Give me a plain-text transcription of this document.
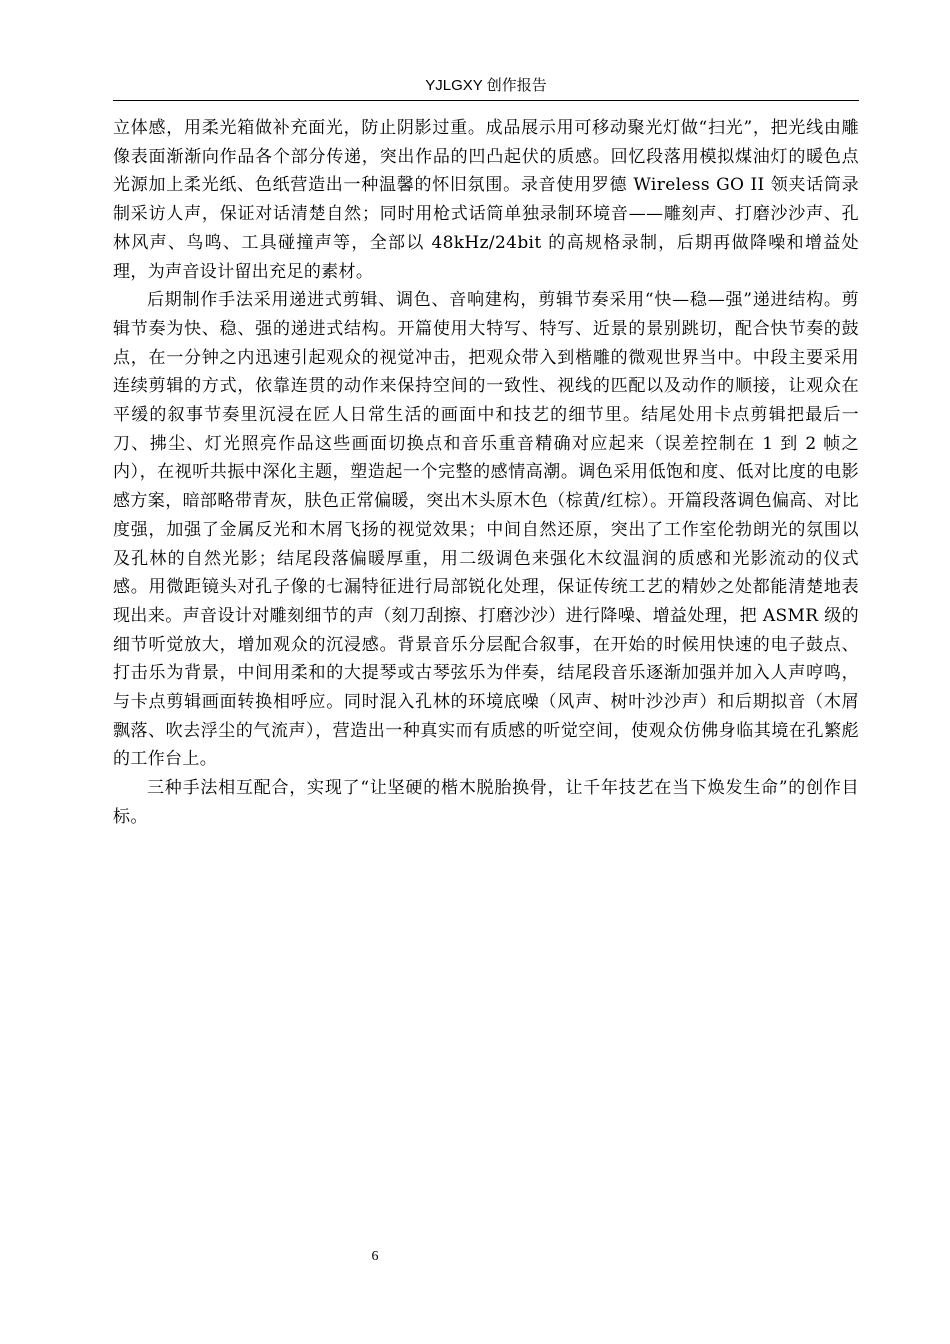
YJLGXY 创作报告

立体感，用柔光箱做补充面光，防止阴影过重。成品展示用可移动聚光灯做“扫光”，把光线由雕像表面渐渐向作品各个部分传递，突出作品的凹凸起伏的质感。回忆段落用模拟煤油灯的暖色点光源加上柔光纸、色纸营造出一种温馨的怀旧氛围。录音使用罗德 Wireless GO II 领夹话筒录制采访人声，保证对话清楚自然；同时用枪式话筒单独录制环境音——雕刻声、打磨沙沙声、孔林风声、鸟鸣、工具碰撞声等，全部以 48kHz/24bit 的高规格录制，后期再做降噪和增益处理，为声音设计留出充足的素材。

后期制作手法采用递进式剪辑、调色、音响建构，剪辑节奏采用“快—稳—强”递进结构。剪辑节奏为快、稳、强的递进式结构。开篇使用大特写、特写、近景的景别跳切，配合快节奏的鼓点，在一分钟之内迅速引起观众的视觉冲击，把观众带入到楷雕的微观世界当中。中段主要采用连续剪辑的方式，依靠连贯的动作来保持空间的一致性、视线的匹配以及动作的顺接，让观众在平缓的叙事节奏里沉浸在匠人日常生活的画面中和技艺的细节里。结尾处用卡点剪辑把最后一刀、拂尘、灯光照亮作品这些画面切换点和音乐重音精确对应起来（误差控制在 1 到 2 帧之内），在视听共振中深化主题，塑造起一个完整的感情高潮。调色采用低饱和度、低对比度的电影感方案，暗部略带青灰，肤色正常偏暖，突出木头原木色（棕黄/红棕）。开篇段落调色偏高、对比度强，加强了金属反光和木屑飞扬的视觉效果；中间自然还原，突出了工作室伦勃朗光的氛围以及孔林的自然光影；结尾段落偏暖厚重，用二级调色来强化木纹温润的质感和光影流动的仪式感。用微距镜头对孔子像的七漏特征进行局部锐化处理，保证传统工艺的精妙之处都能清楚地表现出来。声音设计对雕刻细节的声（刻刀刮擦、打磨沙沙）进行降噪、增益处理，把 ASMR 级的细节听觉放大，增加观众的沉浸感。背景音乐分层配合叙事，在开始的时候用快速的电子鼓点、打击乐为背景，中间用柔和的大提琴或古琴弦乐为伴奏，结尾段音乐逐渐加强并加入人声哼鸣，与卡点剪辑画面转换相呼应。同时混入孔林的环境底噪（风声、树叶沙沙声）和后期拟音（木屑飘落、吹去浮尘的气流声），营造出一种真实而有质感的听觉空间，使观众仿佛身临其境在孔繁彪的工作台上。

三种手法相互配合，实现了“让坚硬的楷木脱胎换骨，让千年技艺在当下焕发生命”的创作目标。

6
